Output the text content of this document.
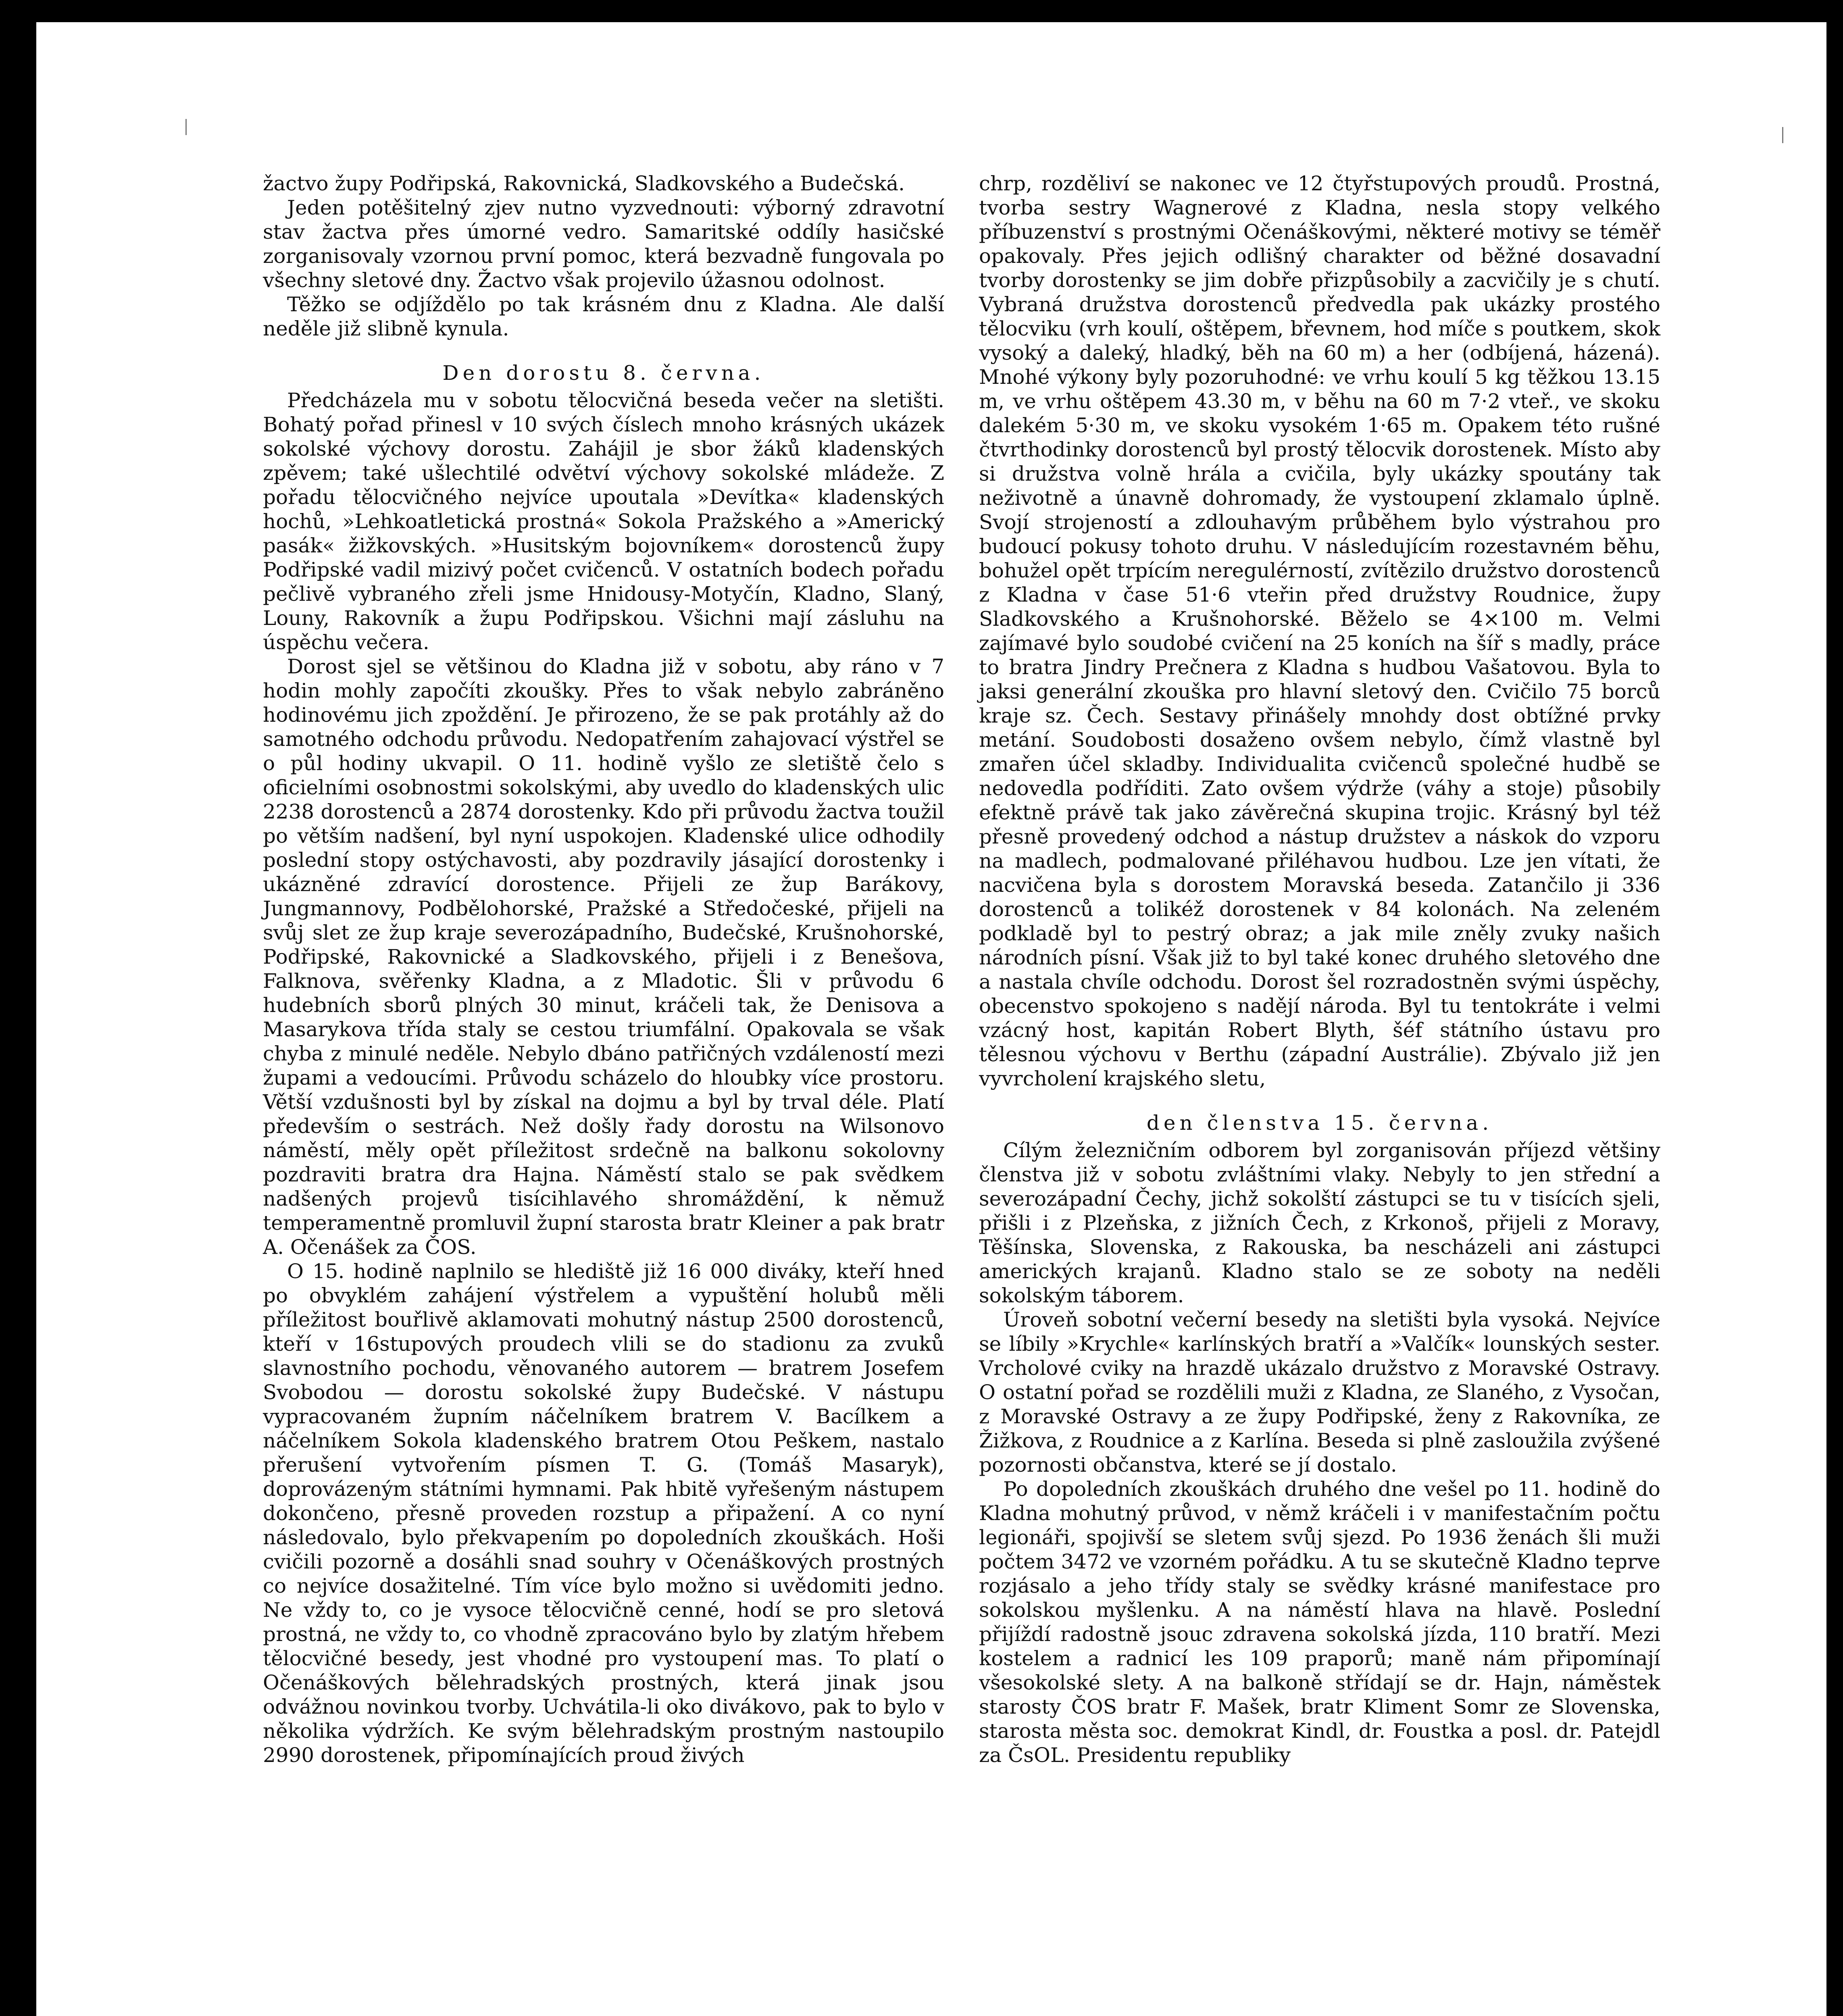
žactvo župy Podřipská, Rakovnická, Sladkovského a Budečská.

Jeden potěšitelný zjev nutno vyzvednouti: výborný zdravotní stav žactva přes úmorné vedro. Samaritské oddíly hasičské zorganisovaly vzornou první pomoc, která bezvadně fungovala po všechny sletové dny. Žactvo však projevilo úžasnou odolnost.

Těžko se odjíždělo po tak krásném dnu z Kladna. Ale další neděle již slibně kynula.

Den dorostu 8. června.

Předcházela mu v sobotu tělocvičná beseda večer na sletišti. Bohatý pořad přinesl v 10 svých číslech mnoho krásných ukázek sokolské výchovy dorostu. Zahájil je sbor žáků kladenských zpěvem; také ušlechtilé odvětví výchovy sokolské mládeže. Z pořadu tělocvičného nejvíce upoutala »Devítka« kladenských hochů, »Lehkoatletická prostná« Sokola Pražského a »Americký pasák« žižkovských. »Husitským bojovníkem« dorostenců župy Podřipské vadil mizivý počet cvičenců. V ostatních bodech pořadu pečlivě vybraného zřeli jsme Hnidousy-Motyčín, Kladno, Slaný, Louny, Rakovník a župu Podřipskou. Všichni mají zásluhu na úspěchu večera.

Dorost sjel se většinou do Kladna již v sobotu, aby ráno v 7 hodin mohly započíti zkoušky. Přes to však nebylo zabráněno hodinovému jich zpoždění. Je přirozeno, že se pak protáhly až do samotného odchodu průvodu. Nedopatřením zahajovací výstřel se o půl hodiny ukvapil. O 11. hodině vyšlo ze sletiště čelo s oficielními osobnostmi sokolskými, aby uvedlo do kladenských ulic 2238 dorostenců a 2874 dorostenky. Kdo při průvodu žactva toužil po větším nadšení, byl nyní uspokojen. Kladenské ulice odhodily poslední stopy ostýchavosti, aby pozdravily jásající dorostenky i ukázněné zdravící dorostence. Přijeli ze žup Barákovy, Jungmannovy, Podbělohorské, Pražské a Středočeské, přijeli na svůj slet ze žup kraje severozápadního, Budečské, Krušnohorské, Podřipské, Rakovnické a Sladkovského, přijeli i z Benešova, Falknova, svěřenky Kladna, a z Mladotic. Šli v průvodu 6 hudebních sborů plných 30 minut, kráčeli tak, že Denisova a Masarykova třída staly se cestou triumfální. Opakovala se však chyba z minulé neděle. Nebylo dbáno patřičných vzdáleností mezi župami a vedoucími. Průvodu scházelo do hloubky více prostoru. Větší vzdušnosti byl by získal na dojmu a byl by trval déle. Platí především o sestrách. Než došly řady dorostu na Wilsonovo náměstí, měly opět příležitost srdečně na balkonu sokolovny pozdraviti bratra dra Hajna. Náměstí stalo se pak svědkem nadšených projevů tisícihlavého shromáždění, k němuž temperamentně promluvil župní starosta bratr Kleiner a pak bratr A. Očenášek za ČOS.

O 15. hodině naplnilo se hlediště již 16 000 diváky, kteří hned po obvyklém zahájení výstřelem a vypuštění holubů měli příležitost bouřlivě aklamovati mohutný nástup 2500 dorostenců, kteří v 16stupových proudech vlili se do stadionu za zvuků slavnostního pochodu, věnovaného autorem — bratrem Josefem Svobodou — dorostu sokolské župy Budečské. V nástupu vypracovaném župním náčelníkem bratrem V. Bacílkem a náčelníkem Sokola kladenského bratrem Otou Peškem, nastalo přerušení vytvořením písmen T. G. (Tomáš Masaryk), doprovázeným státními hymnami. Pak hbitě vyřešeným nástupem dokončeno, přesně proveden rozstup a připažení. A co nyní následovalo, bylo překvapením po dopoledních zkouškách. Hoši cvičili pozorně a dosáhli snad souhry v Očenáškových prostných co nejvíce dosažitelné. Tím více bylo možno si uvědomiti jedno. Ne vždy to, co je vysoce tělocvičně cenné, hodí se pro sletová prostná, ne vždy to, co vhodně zpracováno bylo by zlatým hřebem tělocvičné besedy, jest vhodné pro vystoupení mas. To platí o Očenáškových bělehradských prostných, která jinak jsou odvážnou novinkou tvorby. Uchvátila-li oko divákovo, pak to bylo v několika výdržích. Ke svým bělehradským prostným nastoupilo 2990 dorostenek, připomínajících proud živých

chrp, rozděliví se nakonec ve 12 čtyřstupových proudů. Prostná, tvorba sestry Wagnerové z Kladna, nesla stopy velkého příbuzenství s prostnými Očenáškovými, některé motivy se téměř opakovaly. Přes jejich odlišný charakter od běžné dosavadní tvorby dorostenky se jim dobře přizpůsobily a zacvičily je s chutí. Vybraná družstva dorostenců předvedla pak ukázky prostého tělocviku (vrh koulí, oštěpem, břevnem, hod míče s poutkem, skok vysoký a daleký, hladký, běh na 60 m) a her (odbíjená, házená). Mnohé výkony byly pozoruhodné: ve vrhu koulí 5 kg těžkou 13.15 m, ve vrhu oštěpem 43.30 m, v běhu na 60 m 7·2 vteř., ve skoku dalekém 5·30 m, ve skoku vysokém 1·65 m. Opakem této rušné čtvrthodinky dorostenců byl prostý tělocvik dorostenek. Místo aby si družstva volně hrála a cvičila, byly ukázky spoutány tak neživotně a únavně dohromady, že vystoupení zklamalo úplně. Svojí strojeností a zdlouhavým průběhem bylo výstrahou pro budoucí pokusy tohoto druhu. V následujícím rozestavném běhu, bohužel opět trpícím neregulérností, zvítězilo družstvo dorostenců z Kladna v čase 51·6 vteřin před družstvy Roudnice, župy Sladkovského a Krušnohorské. Běželo se 4×100 m. Velmi zajímavé bylo soudobé cvičení na 25 koních na šíř s madly, práce to bratra Jindry Prečnera z Kladna s hudbou Vašatovou. Byla to jaksi generální zkouška pro hlavní sletový den. Cvičilo 75 borců kraje sz. Čech. Sestavy přinášely mnohdy dost obtížné prvky metání. Soudobosti dosaženo ovšem nebylo, čímž vlastně byl zmařen účel skladby. Individualita cvičenců společné hudbě se nedovedla podříditi. Zato ovšem výdrže (váhy a stoje) působily efektně právě tak jako závěrečná skupina trojic. Krásný byl též přesně provedený odchod a nástup družstev a náskok do vzporu na madlech, podmalované přiléhavou hudbou. Lze jen vítati, že nacvičena byla s dorostem Moravská beseda. Zatančilo ji 336 dorostenců a tolikéž dorostenek v 84 kolonách. Na zeleném podkladě byl to pestrý obraz; a jak mile zněly zvuky našich národních písní. Však již to byl také konec druhého sletového dne a nastala chvíle odchodu. Dorost šel rozradostněn svými úspěchy, obecenstvo spokojeno s nadějí národa. Byl tu tentokráte i velmi vzácný host, kapitán Robert Blyth, šéf státního ústavu pro tělesnou výchovu v Berthu (západní Austrálie). Zbývalo již jen vyvrcholení krajského sletu,

den členstva 15. června.

Cílým železničním odborem byl zorganisován příjezd většiny členstva již v sobotu zvláštními vlaky. Nebyly to jen střední a severozápadní Čechy, jichž sokolští zástupci se tu v tisících sjeli, přišli i z Plzeňska, z jižních Čech, z Krkonoš, přijeli z Moravy, Těšínska, Slovenska, z Rakouska, ba nescházeli ani zástupci amerických krajanů. Kladno stalo se ze soboty na neděli sokolským táborem.

Úroveň sobotní večerní besedy na sletišti byla vysoká. Nejvíce se líbily »Krychle« karlínských bratří a »Valčík« lounských sester. Vrcholové cviky na hrazdě ukázalo družstvo z Moravské Ostravy. O ostatní pořad se rozdělili muži z Kladna, ze Slaného, z Vysočan, z Moravské Ostravy a ze župy Podřipské, ženy z Rakovníka, ze Žižkova, z Roudnice a z Karlína. Beseda si plně zasloužila zvýšené pozornosti občanstva, které se jí dostalo.

Po dopoledních zkouškách druhého dne vešel po 11. hodině do Kladna mohutný průvod, v němž kráčeli i v manifestačním počtu legionáři, spojivší se sletem svůj sjezd. Po 1936 ženách šli muži počtem 3472 ve vzorném pořádku. A tu se skutečně Kladno teprve rozjásalo a jeho třídy staly se svědky krásné manifestace pro sokolskou myšlenku. A na náměstí hlava na hlavě. Poslední přijíždí radostně jsouc zdravena sokolská jízda, 110 bratří. Mezi kostelem a radnicí les 109 praporů; maně nám připomínají všesokolské slety. A na balkoně střídají se dr. Hajn, náměstek starosty ČOS bratr F. Mašek, bratr Kliment Somr ze Slovenska, starosta města soc. demokrat Kindl, dr. Foustka a posl. dr. Patejdl za ČsOL. Presidentu republiky
